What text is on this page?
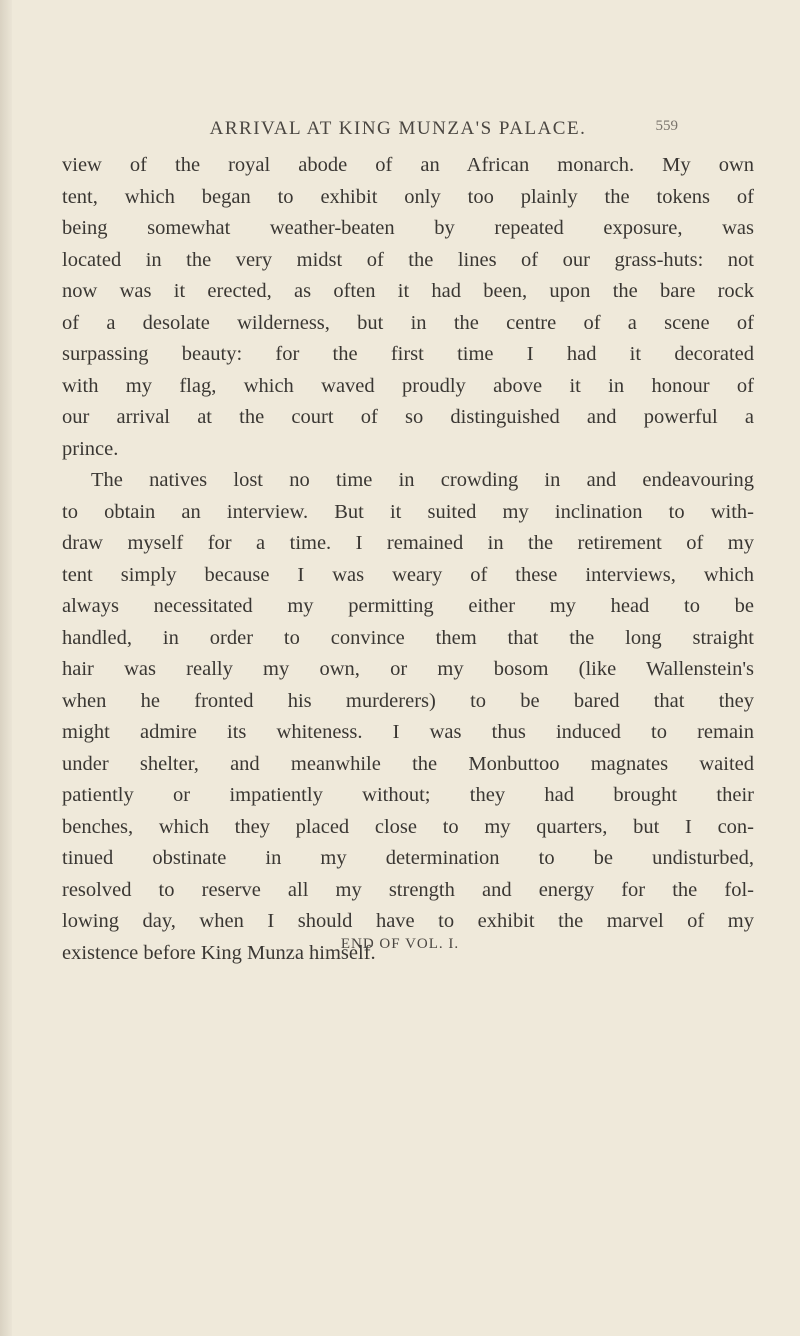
ARRIVAL AT KING MUNZA'S PALACE.	559
view of the royal abode of an African monarch. My own
tent, which began to exhibit only too plainly the tokens of
being somewhat weather-beaten by repeated exposure, was
located in the very midst of the lines of our grass-huts: not
now was it erected, as often it had been, upon the bare rock
of a desolate wilderness, but in the centre of a scene of
surpassing beauty: for the first time I had it decorated
with my flag, which waved proudly above it in honour of
our arrival at the court of so distinguished and powerful a
prince.
The natives lost no time in crowding in and endeavouring
to obtain an interview. But it suited my inclination to with-
draw myself for a time. I remained in the retirement of my
tent simply because I was weary of these interviews, which
always necessitated my permitting either my head to be
handled, in order to convince them that the long straight
hair was really my own, or my bosom (like Wallenstein's
when he fronted his murderers) to be bared that they
might admire its whiteness. I was thus induced to remain
under shelter, and meanwhile the Monbuttoo magnates waited
patiently or impatiently without; they had brought their
benches, which they placed close to my quarters, but I con-
tinued obstinate in my determination to be undisturbed,
resolved to reserve all my strength and energy for the fol-
lowing day, when I should have to exhibit the marvel of my
existence before King Munza himself.
END OF VOL. I.
